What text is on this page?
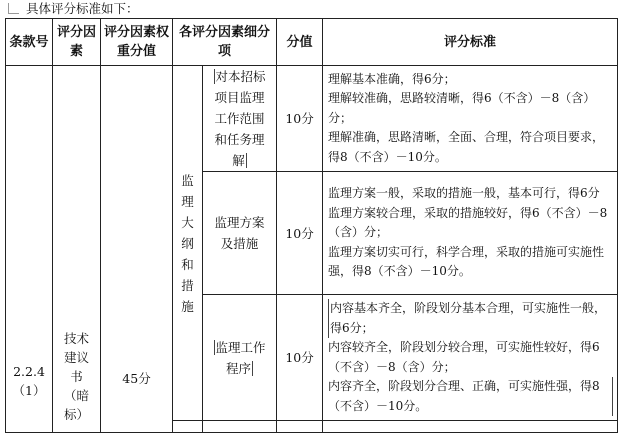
具体评分标准如下：
条款号	评分因素	评分因素权重分值	各评分因素细分项		分值	评分标准
2.2.4（1）	技术建议书（暗标）	45分	监理大纲和措施	对本招标项目监理工作范围和任务理解	10分	理解基本准确，得6分；
理解较准确，思路较清晰，得6（不含）－8（含）分；
理解准确，思路清晰，全面、合理，符合项目要求，得8（不含）－10分。

				监理方案及措施	10分	监理方案一般，采取的措施一般，基本可行，得6分
监理方案较合理，采取的措施较好，得6（不含）－8（含）分；
监理方案切实可行，科学合理，采取的措施可实施性强，得8（不含）－10分。

				监理工作程序	10分	内容基本齐全，阶段划分基本合理，可实施性一般，得6分；
内容较齐全，阶段划分较合理，可实施性较好，得6（不含）－8（含）分；
内容齐全，阶段划分合理、正确，可实施性强，得8（不含）－10分。
